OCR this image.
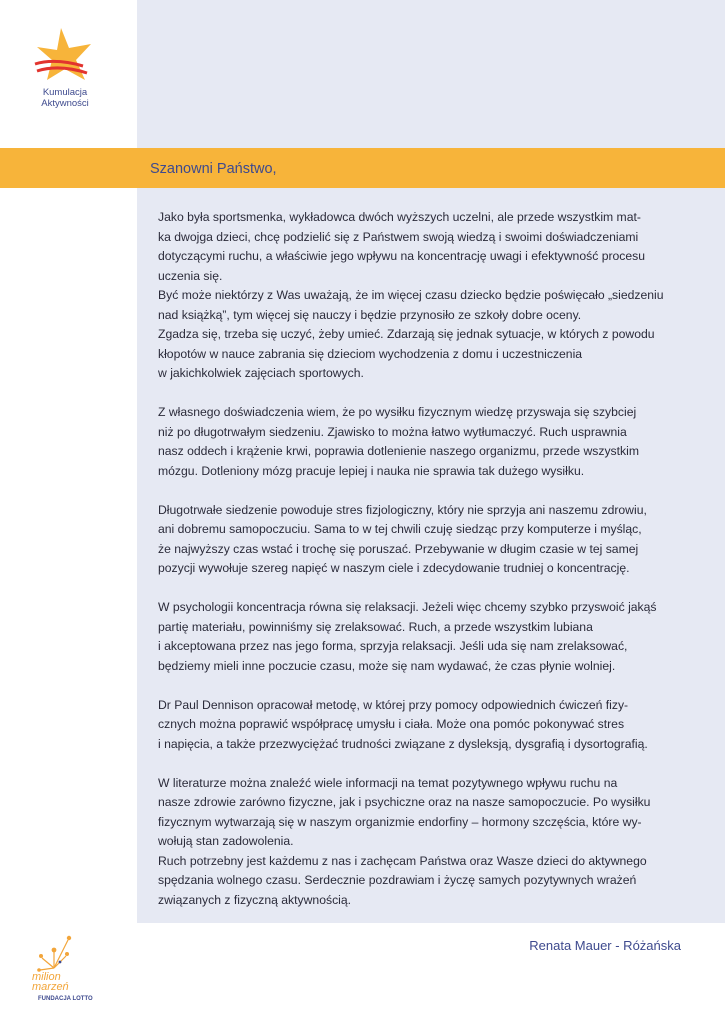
Kumulacja
Aktywności
Szanowni Państwo,

Jako była sportsmenka, wykładowca dwóch wyższych uczelni, ale przede wszystkim mat-
ka dwojga dzieci, chcę podzielić się z Państwem swoją wiedzą i swoimi doświadczeniami
dotyczącymi ruchu, a właściwie jego wpływu na koncentrację uwagi i efektywność procesu
uczenia się.
Być może niektórzy z Was uważają, że im więcej czasu dziecko będzie poświęcało „siedzeniu
nad książką”, tym więcej się nauczy i będzie przynosiło ze szkoły dobre oceny.
Zgadza się, trzeba się uczyć, żeby umieć. Zdarzają się jednak sytuacje, w których z powodu
kłopotów w nauce zabrania się dzieciom wychodzenia z domu i uczestniczenia
w jakichkolwiek zajęciach sportowych.

Z własnego doświadczenia wiem, że po wysiłku fizycznym wiedzę przyswaja się szybciej
niż po długotrwałym siedzeniu. Zjawisko to można łatwo wytłumaczyć. Ruch usprawnia
nasz oddech i krążenie krwi, poprawia dotlenienie naszego organizmu, przede wszystkim
mózgu. Dotleniony mózg pracuje lepiej i nauka nie sprawia tak dużego wysiłku.

Długotrwałe siedzenie powoduje stres fizjologiczny, który nie sprzyja ani naszemu zdrowiu,
ani dobremu samopoczuciu. Sama to w tej chwili czuję siedząc przy komputerze i myśląc,
że najwyższy czas wstać i trochę się poruszać. Przebywanie w długim czasie w tej samej
pozycji wywołuje szereg napięć w naszym ciele i zdecydowanie trudniej o koncentrację.

W psychologii koncentracja równa się relaksacji. Jeżeli więc chcemy szybko przyswoić jakąś
partię materiału, powinniśmy się zrelaksować. Ruch, a przede wszystkim lubiana
i akceptowana przez nas jego forma, sprzyja relaksacji. Jeśli uda się nam zrelaksować,
będziemy mieli inne poczucie czasu, może się nam wydawać, że czas płynie wolniej.

Dr Paul Dennison opracował metodę, w której przy pomocy odpowiednich ćwiczeń fizy-
cznych można poprawić współpracę umysłu i ciała. Może ona pomóc pokonywać stres
i napięcia, a także przezwyciężać trudności związane z dysleksją, dysgrafią i dysortografią.

W literaturze można znaleźć wiele informacji na temat pozytywnego wpływu ruchu na
nasze zdrowie zarówno fizyczne, jak i psychiczne oraz na nasze samopoczucie. Po wysiłku
fizycznym wytwarzają się w naszym organizmie endorfiny – hormony szczęścia, które wy-
wołują stan zadowolenia.
Ruch potrzebny jest każdemu z nas i zachęcam Państwa oraz Wasze dzieci do aktywnego
spędzania wolnego czasu. Serdecznie pozdrawiam i życzę samych pozytywnych wrażeń
związanych z fizyczną aktywnością.

Renata Mauer - Różańska
milion
marzeń
FUNDACJA LOTTO
